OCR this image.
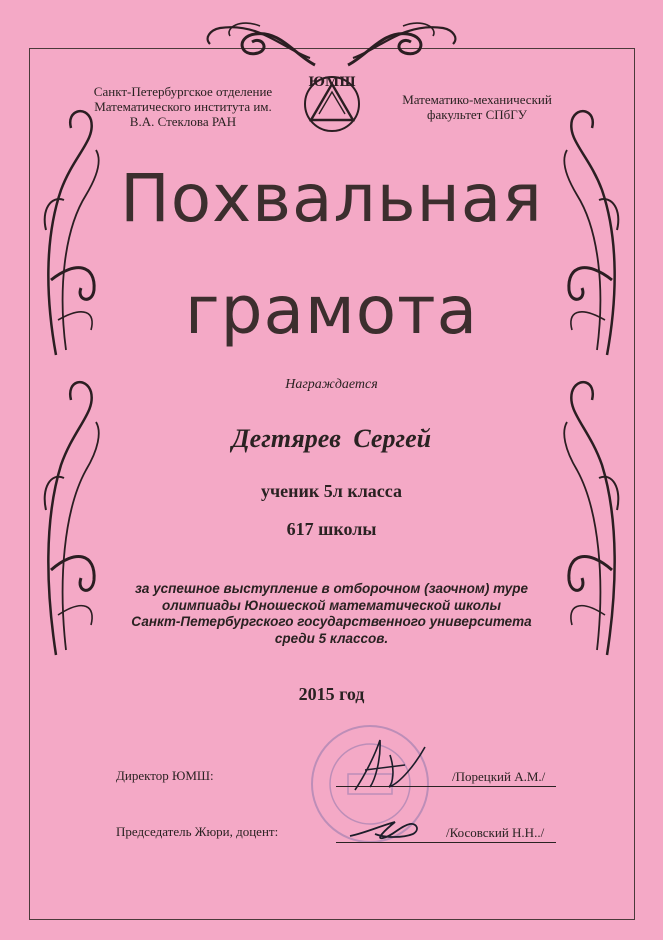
Санкт-Петербургское отделение
Математического института им.
В.А. Стеклова РАН
ЮМШ
Математико-механический
факультет СПбГУ
Похвальная
грамота
Награждается
Дегтярев Сергей
ученик 5л класса
617 школы
за успешное выступление в отборочном (заочном) туре
олимпиады Юношеской математической школы
Санкт-Петербургского государственного университета
среди 5 классов.
2015 год
Директор ЮМШ:	/Порецкий А.М./
Председатель Жюри, доцент:	/Косовский Н.Н../
